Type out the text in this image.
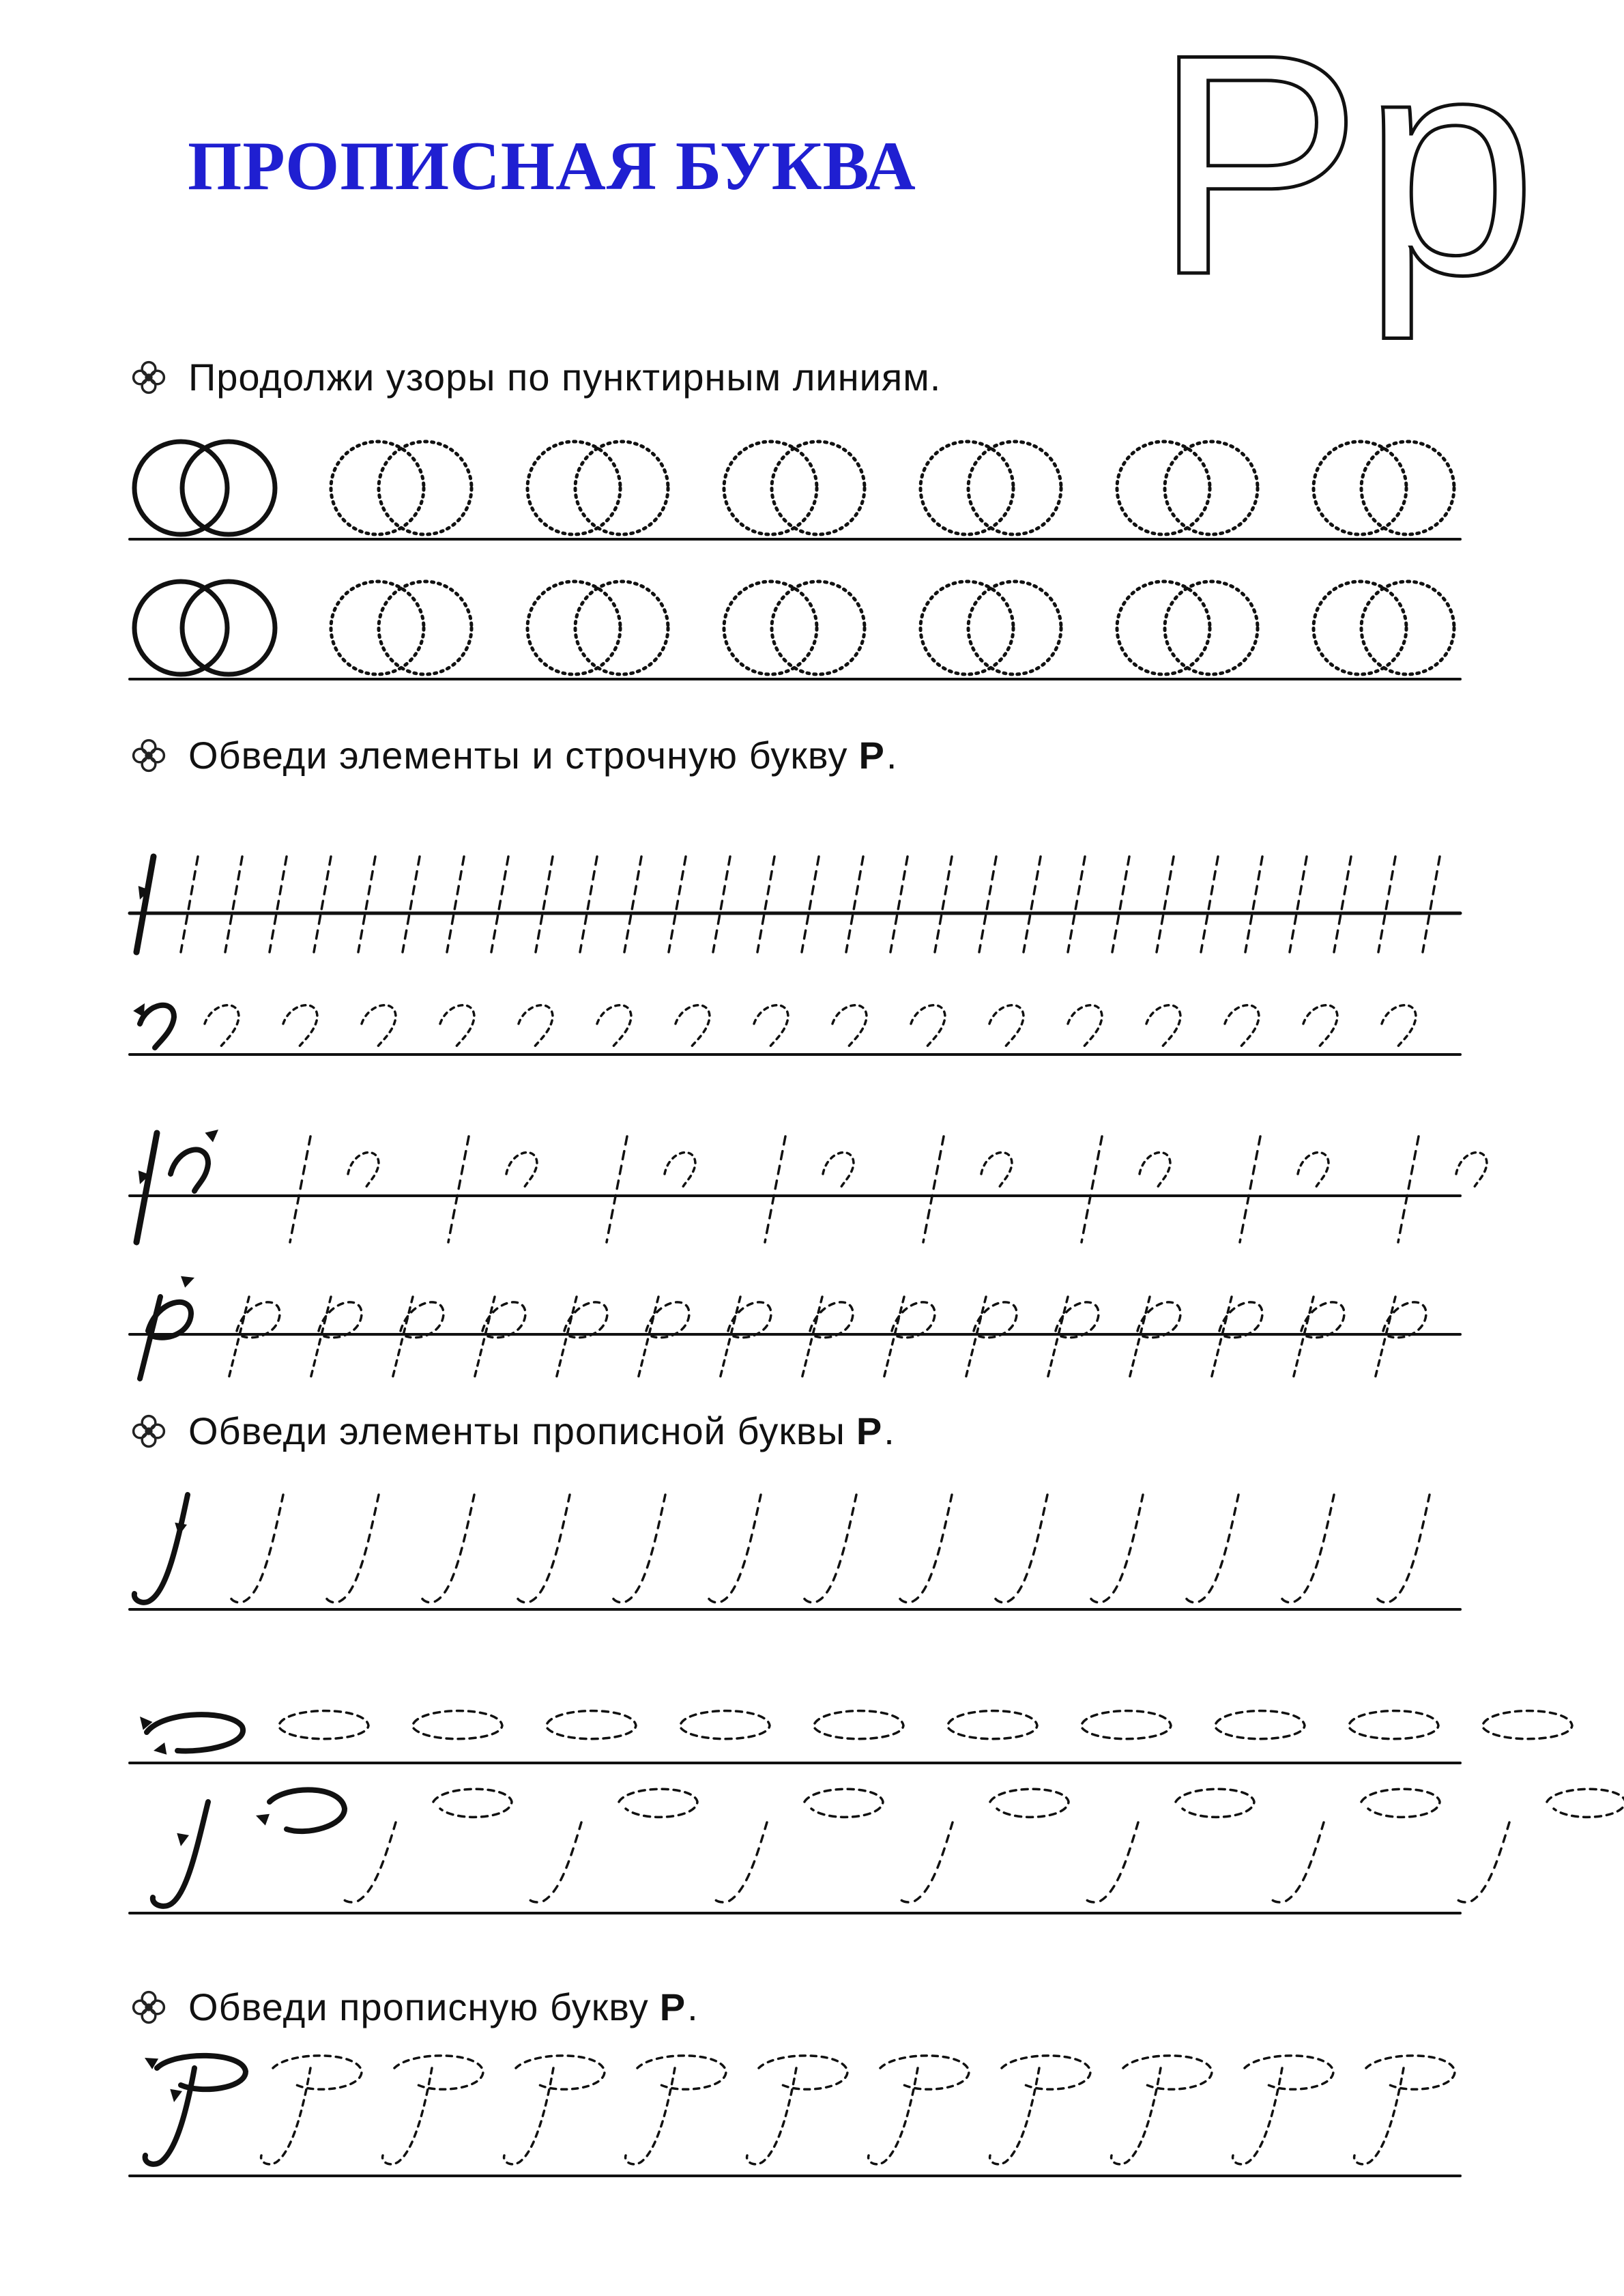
ПРОПИСНАЯ БУКВА Pp
Продолжи узоры по пунктирным линиям.
Обведи элементы и строчную букву Р .
Обведи элементы прописной буквы Р .
Обведи прописную букву Р .
